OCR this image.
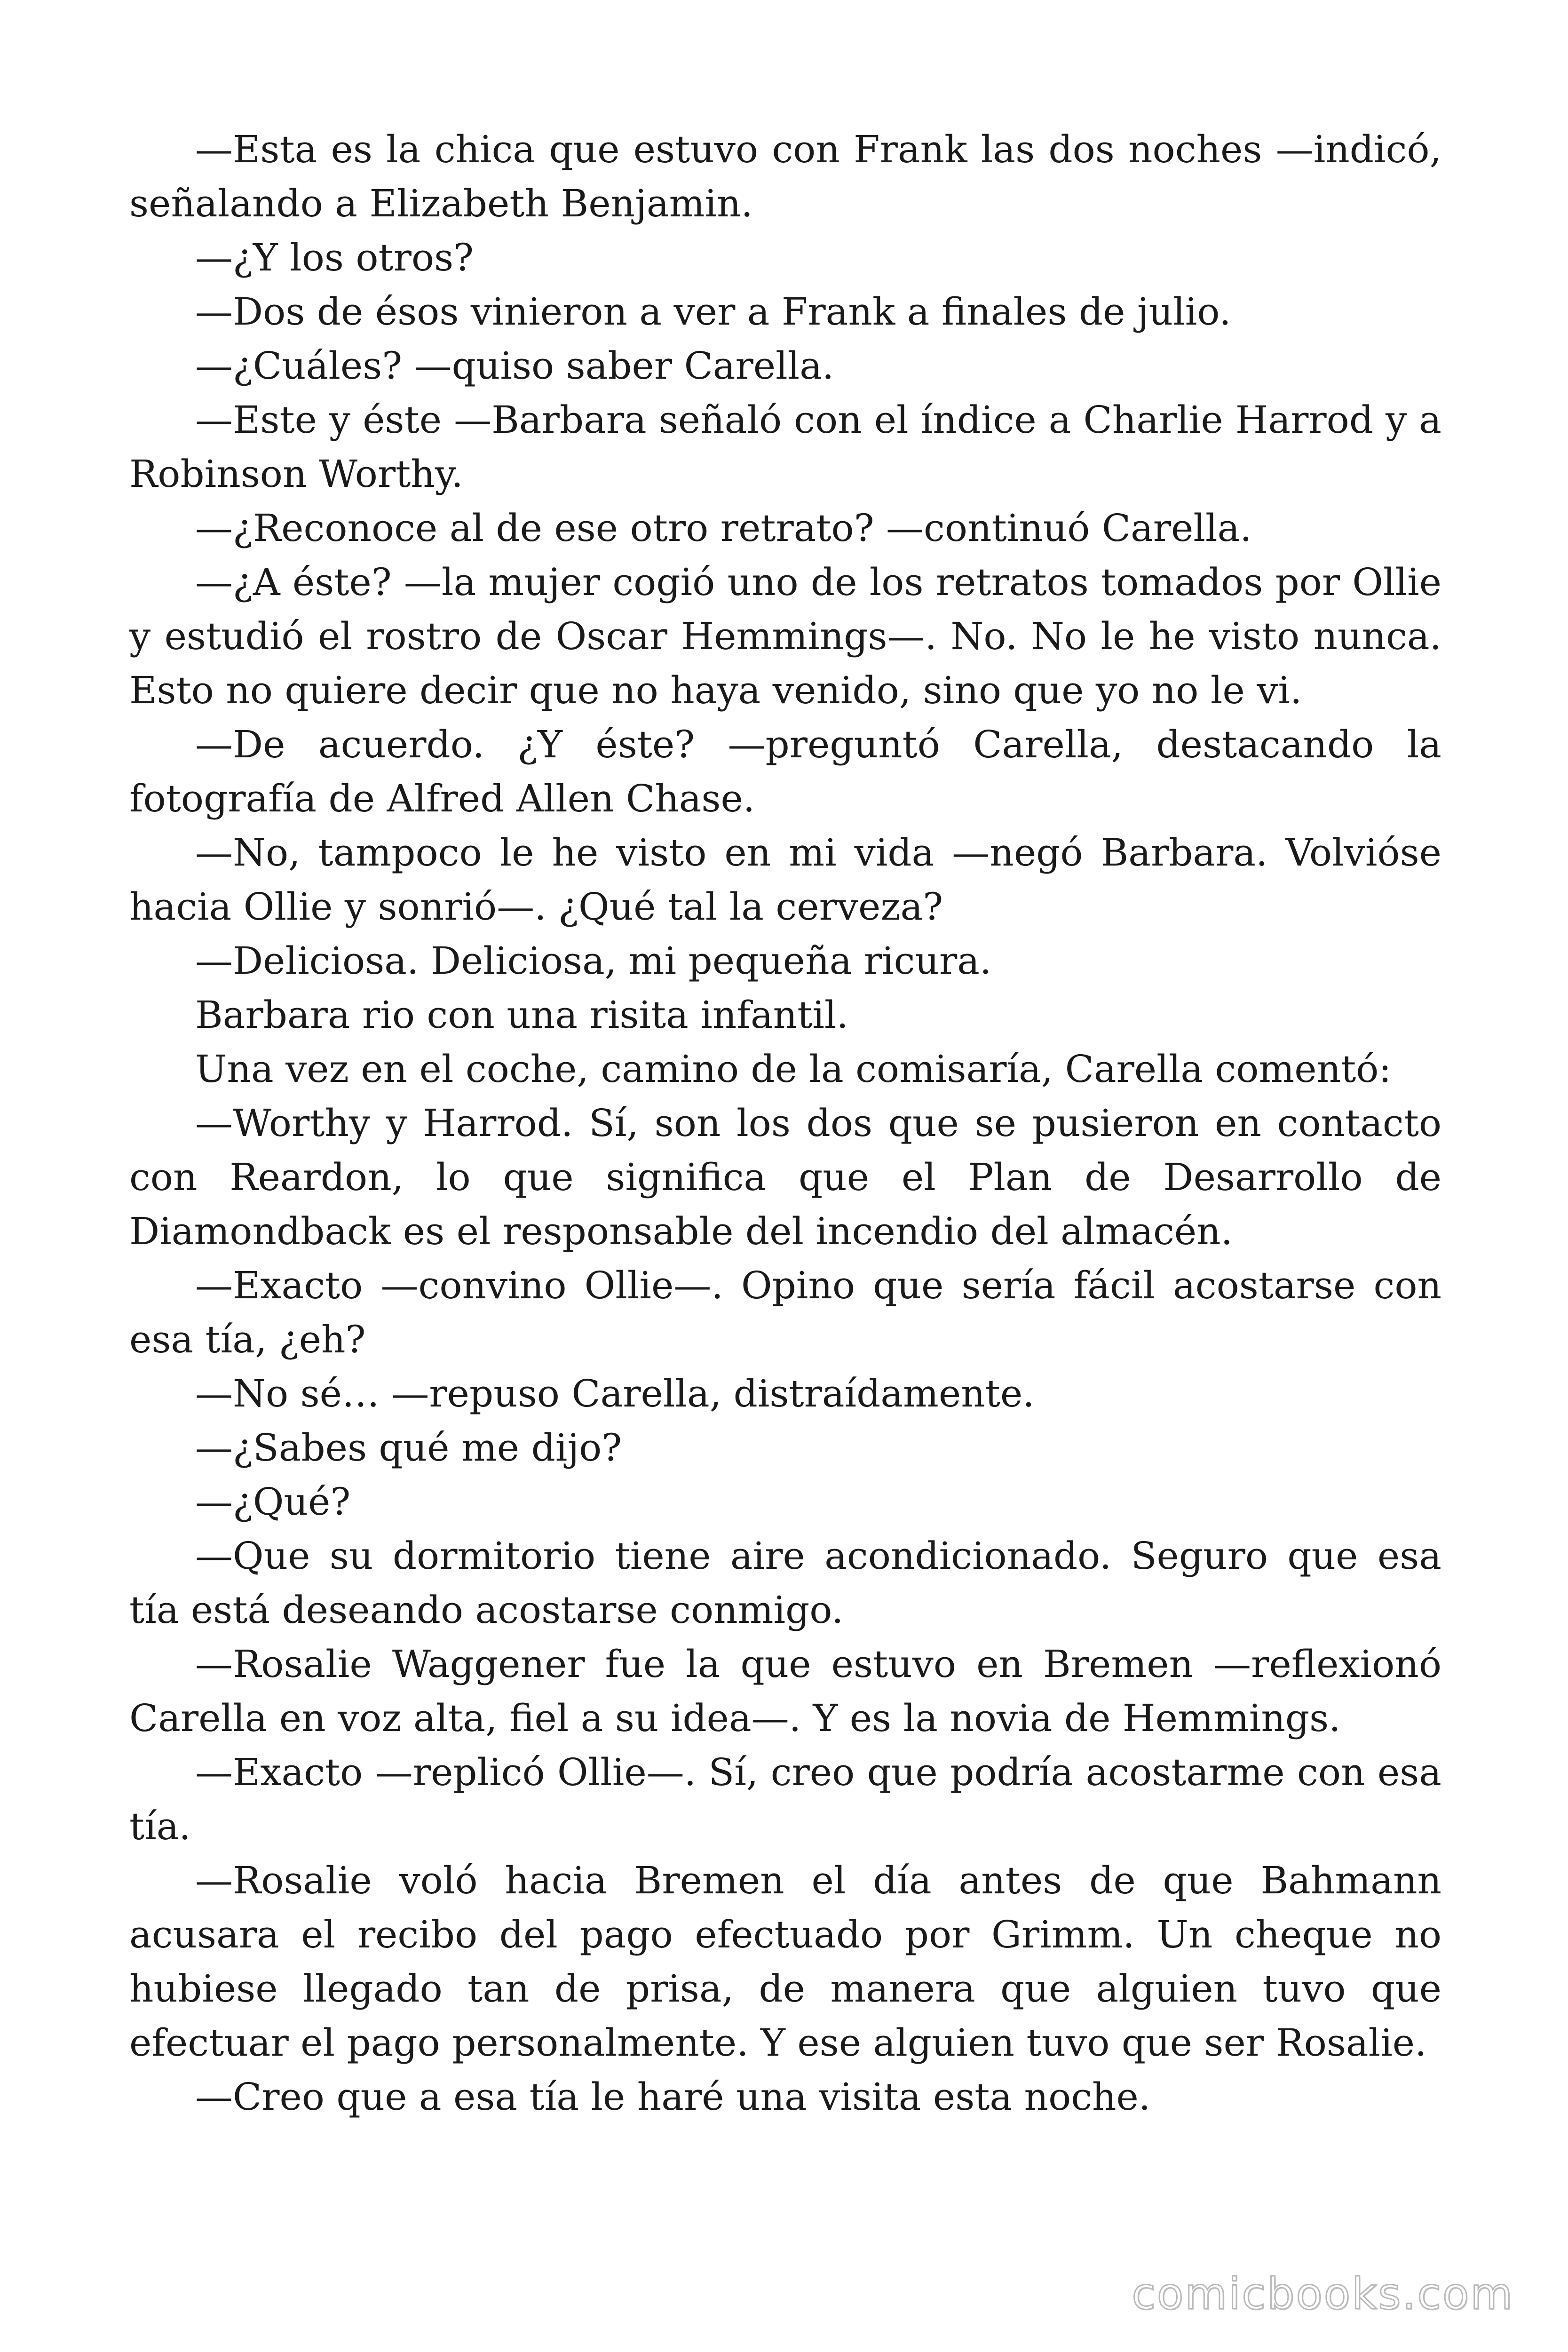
—Esta es la chica que estuvo con Frank las dos noches —indicó, señalando a Elizabeth Benjamin.

—¿Y los otros?

—Dos de ésos vinieron a ver a Frank a finales de julio.

—¿Cuáles? —quiso saber Carella.

—Este y éste —Barbara señaló con el índice a Charlie Harrod y a Robinson Worthy.

—¿Reconoce al de ese otro retrato? —continuó Carella.

—¿A éste? —la mujer cogió uno de los retratos tomados por Ollie y estudió el rostro de Oscar Hemmings—. No. No le he visto nunca. Esto no quiere decir que no haya venido, sino que yo no le vi.

—De acuerdo. ¿Y éste? —preguntó Carella, destacando la fotografía de Alfred Allen Chase.

—No, tampoco le he visto en mi vida —negó Barbara. Volvióse hacia Ollie y sonrió—. ¿Qué tal la cerveza?

—Deliciosa. Deliciosa, mi pequeña ricura.

Barbara rio con una risita infantil.

Una vez en el coche, camino de la comisaría, Carella comentó:

—Worthy y Harrod. Sí, son los dos que se pusieron en contacto con Reardon, lo que significa que el Plan de Desarrollo de Diamondback es el responsable del incendio del almacén.

—Exacto —convino Ollie—. Opino que sería fácil acostarse con esa tía, ¿eh?

—No sé… —repuso Carella, distraídamente.

—¿Sabes qué me dijo?

—¿Qué?

—Que su dormitorio tiene aire acondicionado. Seguro que esa tía está deseando acostarse conmigo.

—Rosalie Waggener fue la que estuvo en Bremen —reflexionó Carella en voz alta, fiel a su idea—. Y es la novia de Hemmings.

—Exacto —replicó Ollie—. Sí, creo que podría acostarme con esa tía.

—Rosalie voló hacia Bremen el día antes de que Bahmann acusara el recibo del pago efectuado por Grimm. Un cheque no hubiese llegado tan de prisa, de manera que alguien tuvo que efectuar el pago personalmente. Y ese alguien tuvo que ser Rosalie.

—Creo que a esa tía le haré una visita esta noche.

comicbooks.com
